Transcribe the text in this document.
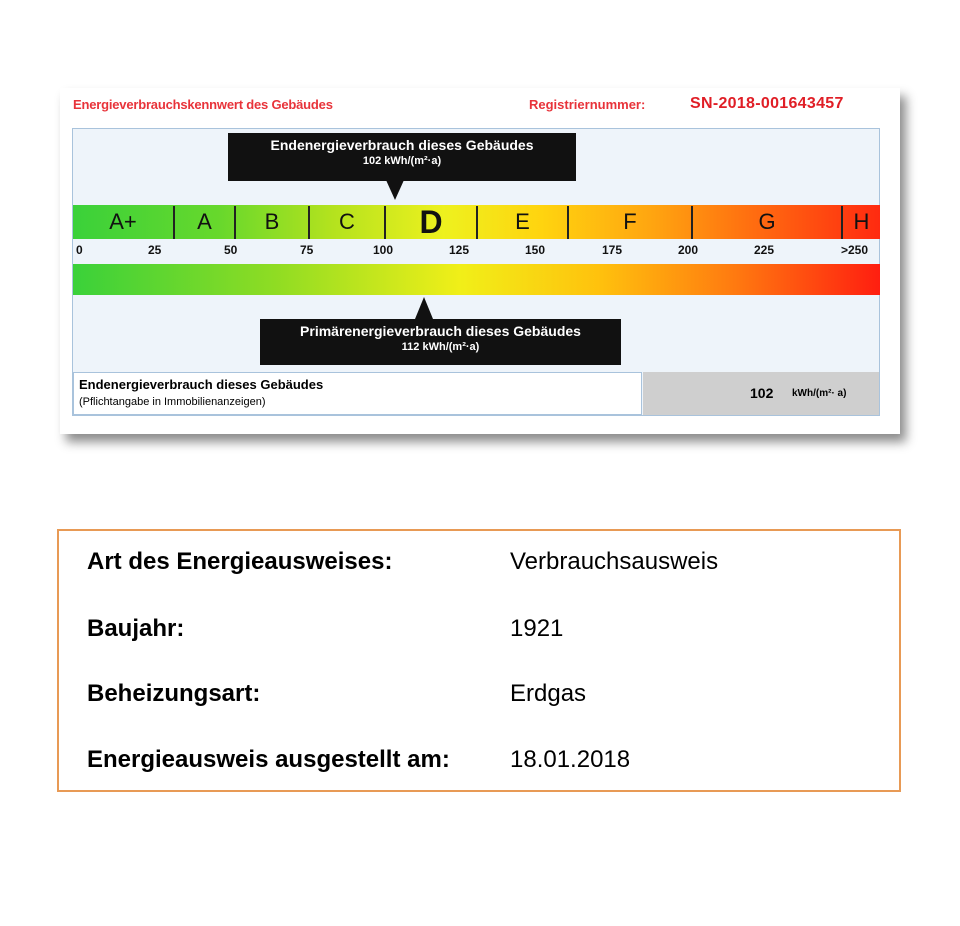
Energieverbrauchskennwert des Gebäudes	Registriernummer:	SN-2018-001643457
Endenergieverbrauch dieses Gebäudes
102 kWh/(m²·a)
A+	A	B	C	D	E	F	G	H
0	25	50	75	100	125	150	175	200	225	>250
Primärenergieverbrauch dieses Gebäudes
112 kWh/(m²·a)
Endenergieverbrauch dieses Gebäudes
(Pflichtangabe in Immobilienanzeigen)
102 kWh/(m²· a)
Art des Energieausweises:	Verbrauchsausweis
Baujahr:	1921
Beheizungsart:	Erdgas
Energieausweis ausgestellt am:	18.01.2018
